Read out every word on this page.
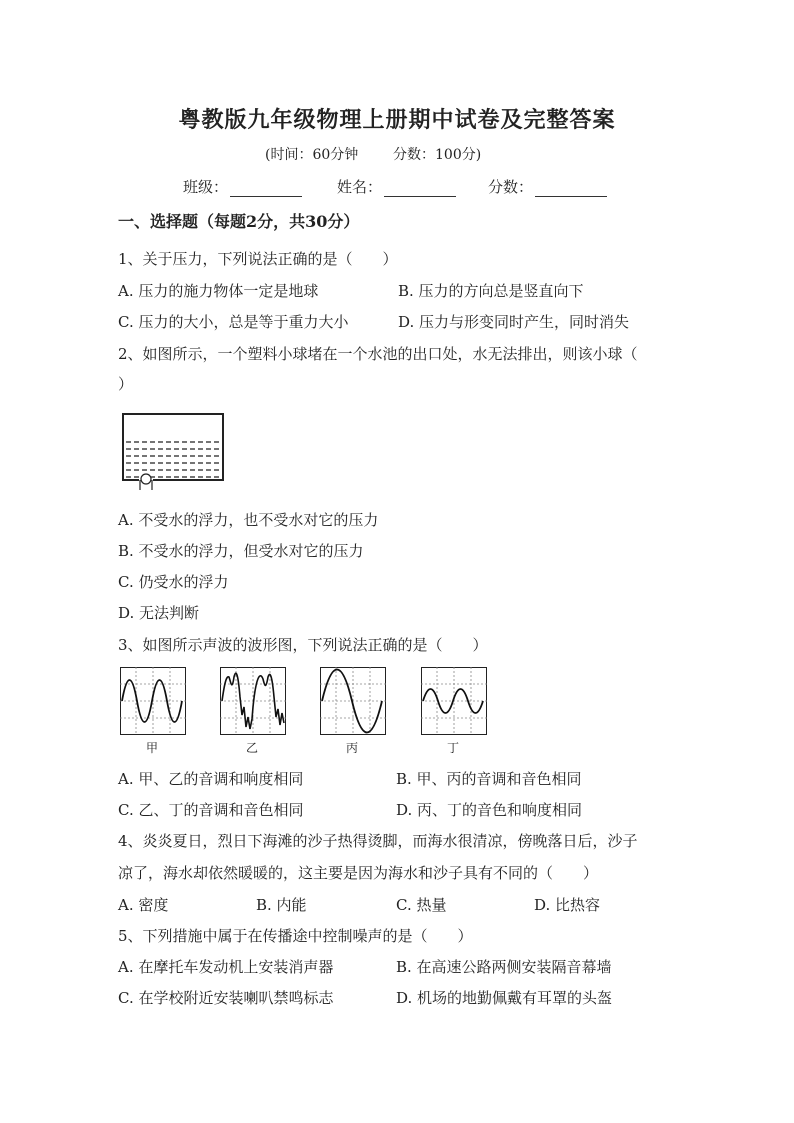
粤教版九年级物理上册期中试卷及完整答案
(时间：60分钟 分数：100分)
班级：	姓名：	分数：
一、选择题（每题2分，共30分）
1、关于压力，下列说法正确的是（　　）
A. 压力的施力物体一定是地球	B. 压力的方向总是竖直向下
C. 压力的大小，总是等于重力大小	D. 压力与形变同时产生，同时消失
2、如图所示，一个塑料小球堵在一个水池的出口处，水无法排出，则该小球（
）
A. 不受水的浮力，也不受水对它的压力
B. 不受水的浮力，但受水对它的压力
C. 仍受水的浮力
D. 无法判断
3、如图所示声波的波形图，下列说法正确的是（　　）
甲	乙	丙	丁
A. 甲、乙的音调和响度相同	B. 甲、丙的音调和音色相同
C. 乙、丁的音调和音色相同	D. 丙、丁的音色和响度相同
4、炎炎夏日，烈日下海滩的沙子热得烫脚，而海水很清凉，傍晚落日后，沙子
凉了，海水却依然暖暖的，这主要是因为海水和沙子具有不同的（　　）
A. 密度	B. 内能	C. 热量	D. 比热容
5、下列措施中属于在传播途中控制噪声的是（　　）
A. 在摩托车发动机上安装消声器	B. 在高速公路两侧安装隔音幕墙
C. 在学校附近安装喇叭禁鸣标志	D. 机场的地勤佩戴有耳罩的头盔
